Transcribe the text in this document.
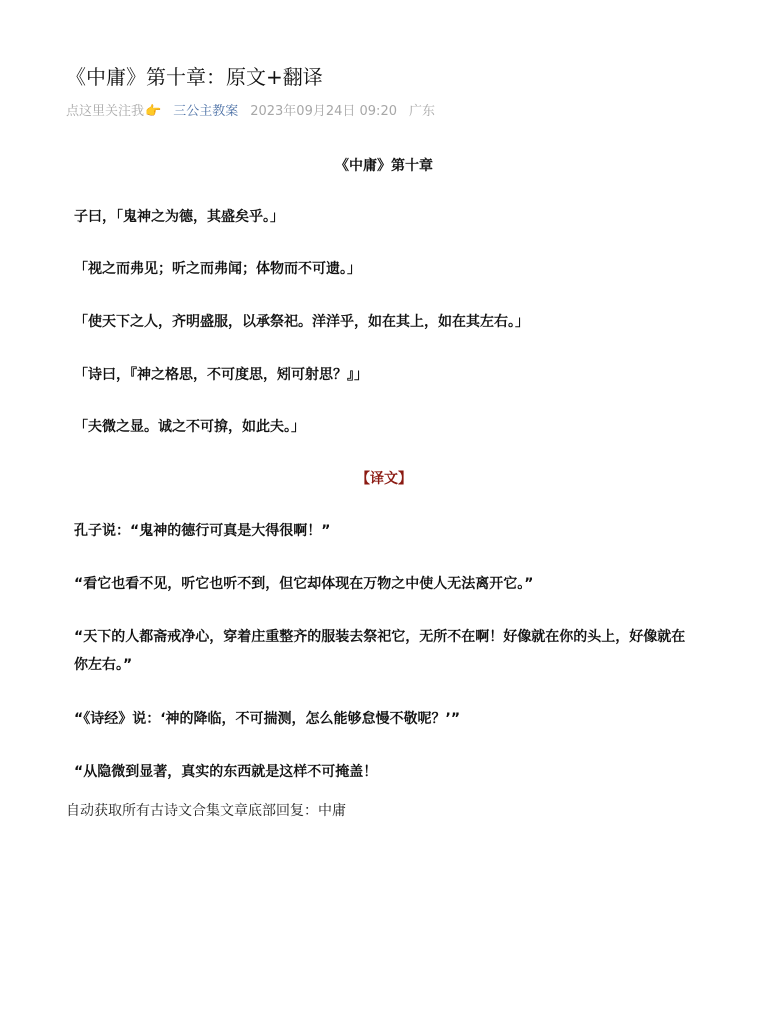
《中庸》第十章：原文+翻译
点这里关注我👉 三公主教案 2023年09月24日 09:20 广东
《中庸》第十章
子曰，「鬼神之为德，其盛矣乎。」
「视之而弗见；听之而弗闻；体物而不可遗。」
「使天下之人，齐明盛服，以承祭祀。洋洋乎，如在其上，如在其左右。」
「诗曰，『神之格思，不可度思，矧可射思？』」
「夫微之显。诚之不可揜，如此夫。」
【译文】
孔子说：“鬼神的德行可真是大得很啊！”
“看它也看不见，听它也听不到，但它却体现在万物之中使人无法离开它。”
“天下的人都斋戒净心，穿着庄重整齐的服装去祭祀它，无所不在啊！好像就在你的头上，好像就在你左右。”
“《诗经》说：‘神的降临，不可揣测，怎么能够怠慢不敬呢？’”
“从隐微到显著，真实的东西就是这样不可掩盖！
自动获取所有古诗文合集文章底部回复：中庸
